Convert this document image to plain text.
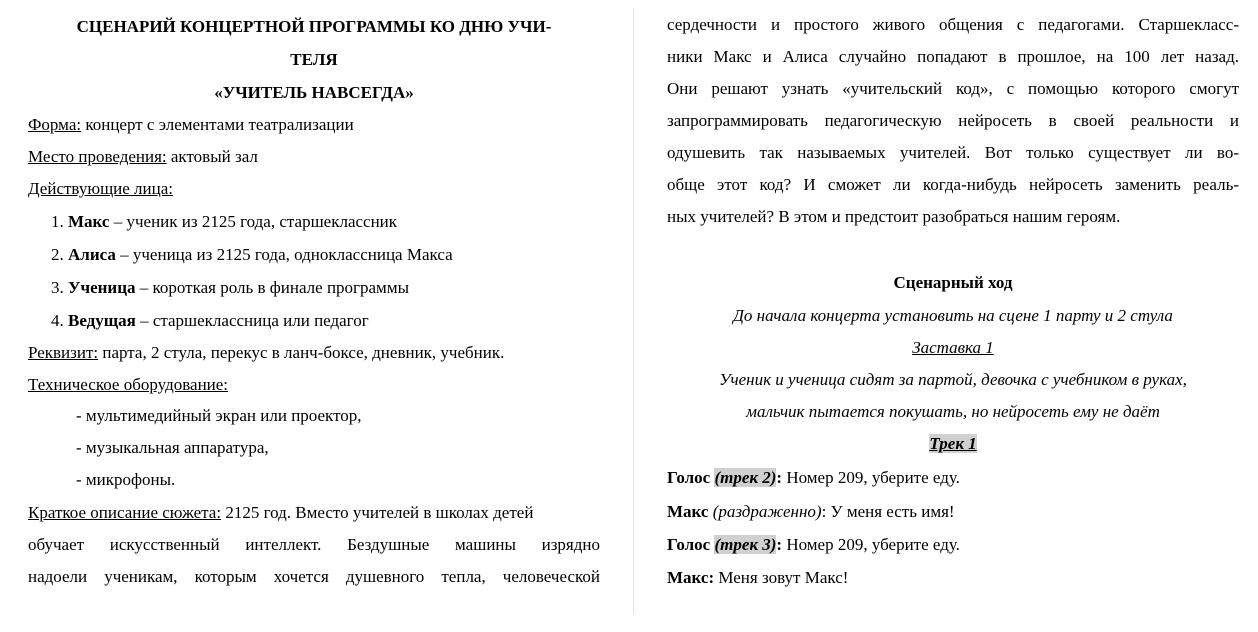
СЦЕНАРИЙ КОНЦЕРТНОЙ ПРОГРАММЫ КО ДНЮ УЧИ-
ТЕЛЯ
«УЧИТЕЛЬ НАВСЕГДА»
Форма: концерт с элементами театрализации
Место проведения: актовый зал
Действующие лица:
1. Макс – ученик из 2125 года, старшеклассник
2. Алиса – ученица из 2125 года, одноклассница Макса
3. Ученица – короткая роль в финале программы
4. Ведущая – старшеклассница или педагог
Реквизит: парта, 2 стула, перекус в ланч-боксе, дневник, учебник.
Техническое оборудование:
- мультимедийный экран или проектор,
- музыкальная аппаратура,
- микрофоны.
Краткое описание сюжета: 2125 год. Вместо учителей в школах детей
обучает искусственный интеллект. Бездушные машины изрядно
надоели ученикам, которым хочется душевного тепла, человеческой
сердечности и простого живого общения с педагогами. Старшекласс-
ники Макс и Алиса случайно попадают в прошлое, на 100 лет назад.
Они решают узнать «учительский код», с помощью которого смогут
запрограммировать педагогическую нейросеть в своей реальности и
одушевить так называемых учителей. Вот только существует ли во-
обще этот код? И сможет ли когда-нибудь нейросеть заменить реаль-
ных учителей? В этом и предстоит разобраться нашим героям.
Сценарный ход
До начала концерта установить на сцене 1 парту и 2 стула
Заставка 1
Ученик и ученица сидят за партой, девочка с учебником в руках,
мальчик пытается покушать, но нейросеть ему не даёт
Трек 1
Голос (трек 2): Номер 209, уберите еду.
Макс (раздраженно): У меня есть имя!
Голос (трек 3): Номер 209, уберите еду.
Макс: Меня зовут Макс!
